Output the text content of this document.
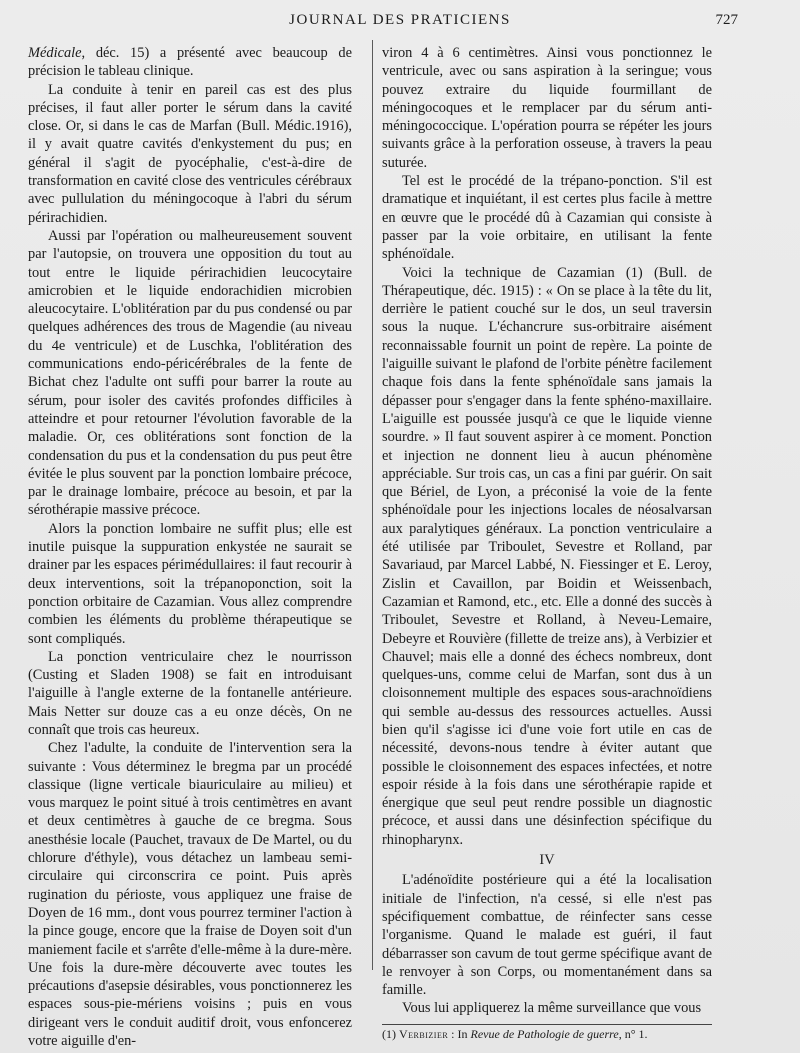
JOURNAL DES PRATICIENS	727

Médicale, déc. 15) a présenté avec beaucoup de précision le tableau clinique.

La conduite à tenir en pareil cas est des plus précises, il faut aller porter le sérum dans la cavité close. Or, si dans le cas de Marfan (Bull. Médic.1916), il y avait quatre cavités d'enkystement du pus; en général il s'agit de pyocéphalie, c'est-à-dire de transformation en cavité close des ventricules cérébraux avec pullulation du méningocoque à l'abri du sérum périrachidien.

Aussi par l'opération ou malheureusement souvent par l'autopsie, on trouvera une opposition du tout au tout entre le liquide périrachidien leucocytaire amicrobien et le liquide endorachidien microbien aleucocytaire. L'oblitération par du pus condensé ou par quelques adhérences des trous de Magendie (au niveau du 4e ventricule) et de Luschka, l'oblitération des communications endo-péricérébrales de la fente de Bichat chez l'adulte ont suffi pour barrer la route au sérum, pour isoler des cavités profondes difficiles à atteindre et pour retourner l'évolution favorable de la maladie. Or, ces oblitérations sont fonction de la condensation du pus et la condensation du pus peut être évitée le plus souvent par la ponction lombaire précoce, par le drainage lombaire, précoce au besoin, et par la sérothérapie massive précoce.

Alors la ponction lombaire ne suffit plus; elle est inutile puisque la suppuration enkystée ne saurait se drainer par les espaces périmédullaires: il faut recourir à deux interventions, soit la trépanoponction, soit la ponction orbitaire de Cazamian. Vous allez comprendre combien les éléments du problème thérapeutique se sont compliqués.

La ponction ventriculaire chez le nourrisson (Custing et Sladen 1908) se fait en introduisant l'aiguille à l'angle externe de la fontanelle antérieure. Mais Netter sur douze cas a eu onze décès, On ne connaît que trois cas heureux.

Chez l'adulte, la conduite de l'intervention sera la suivante : Vous déterminez le bregma par un procédé classique (ligne verticale biauriculaire au milieu) et vous marquez le point situé à trois centimètres en avant et deux centimètres à gauche de ce bregma. Sous anesthésie locale (Pauchet, travaux de De Martel, ou du chlorure d'éthyle), vous détachez un lambeau semi-circulaire qui circonscrira ce point. Puis après rugination du périoste, vous appliquez une fraise de Doyen de 16 mm., dont vous pourrez terminer l'action à la pince gouge, encore que la fraise de Doyen soit d'un maniement facile et s'arrête d'elle-même à la dure-mère. Une fois la dure-mère découverte avec toutes les précautions d'asepsie désirables, vous ponctionnerez les espaces sous-pie-mériens voisins ; puis en vous dirigeant vers le conduit auditif droit, vous enfoncerez votre aiguille d'en-

viron 4 à 6 centimètres. Ainsi vous ponctionnez le ventricule, avec ou sans aspiration à la seringue; vous pouvez extraire du liquide fourmillant de méningocoques et le remplacer par du sérum anti-méningococcique. L'opération pourra se répéter les jours suivants grâce à la perforation osseuse, à travers la peau suturée.

Tel est le procédé de la trépano-ponction. S'il est dramatique et inquiétant, il est certes plus facile à mettre en œuvre que le procédé dû à Cazamian qui consiste à passer par la voie orbitaire, en utilisant la fente sphénoïdale.

Voici la technique de Cazamian (1) (Bull. de Thérapeutique, déc. 1915) : « On se place à la tête du lit, derrière le patient couché sur le dos, un seul traversin sous la nuque. L'échancrure sus-orbitraire aisément reconnaissable fournit un point de repère. La pointe de l'aiguille suivant le plafond de l'orbite pénètre facilement chaque fois dans la fente sphénoïdale sans jamais la dépasser pour s'engager dans la fente sphéno-maxillaire. L'aiguille est poussée jusqu'à ce que le liquide vienne sourdre. » Il faut souvent aspirer à ce moment. Ponction et injection ne donnent lieu à aucun phénomène appréciable. Sur trois cas, un cas a fini par guérir. On sait que Bériel, de Lyon, a préconisé la voie de la fente sphénoïdale pour les injections locales de néosalvarsan aux paralytiques généraux. La ponction ventriculaire a été utilisée par Triboulet, Sevestre et Rolland, par Savariaud, par Marcel Labbé, N. Fiessinger et E. Leroy, Zislin et Cavaillon, par Boidin et Weissenbach, Cazamian et Ramond, etc., etc. Elle a donné des succès à Triboulet, Sevestre et Rolland, à Neveu-Lemaire, Debeyre et Rouvière (fillette de treize ans), à Verbizier et Chauvel; mais elle a donné des échecs nombreux, dont quelques-uns, comme celui de Marfan, sont dus à un cloisonnement multiple des espaces sous-arachnoïdiens qui semble au-dessus des ressources actuelles. Aussi bien qu'il s'agisse ici d'une voie fort utile en cas de nécessité, devons-nous tendre à éviter autant que possible le cloisonnement des espaces infectées, et notre espoir réside à la fois dans une sérothérapie rapide et énergique que seul peut rendre possible un diagnostic précoce, et aussi dans une désinfection spécifique du rhinopharynx.

IV

L'adénoïdite postérieure qui a été la localisation initiale de l'infection, n'a cessé, si elle n'est pas spécifiquement combattue, de réinfecter sans cesse l'organisme. Quand le malade est guéri, il faut débarrasser son cavum de tout germe spécifique avant de le renvoyer à son Corps, ou momentanément dans sa famille.

Vous lui appliquerez la même surveillance que vous

(1) Verbizier : In Revue de Pathologie de guerre, n° 1.
